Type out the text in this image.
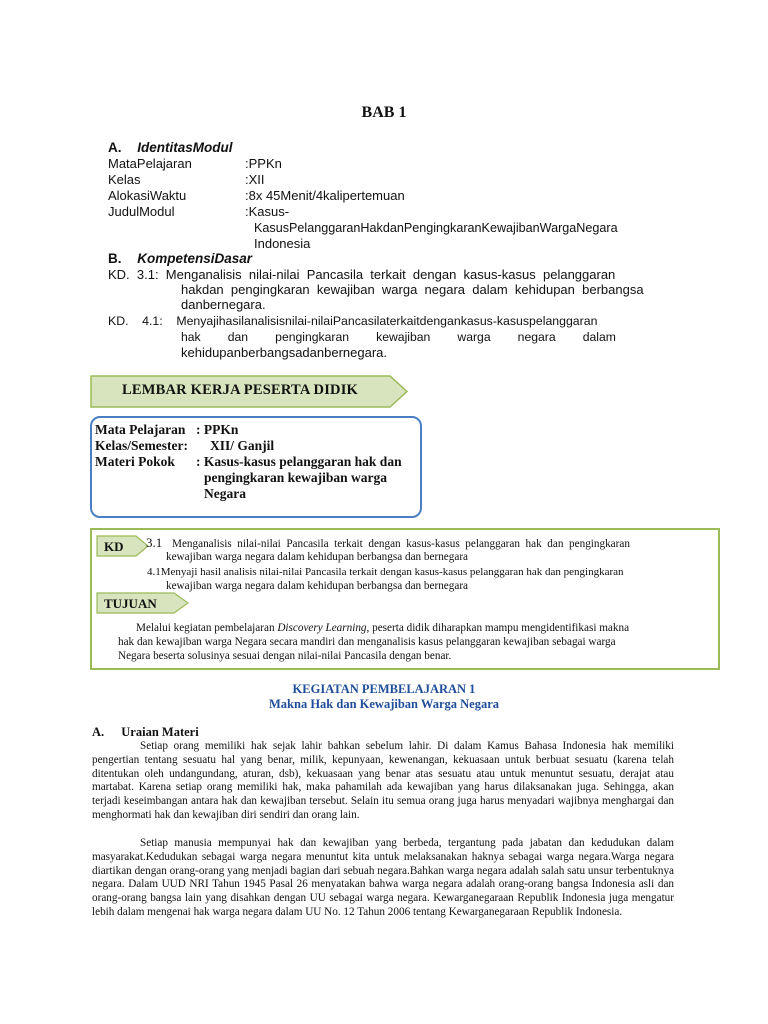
BAB 1
A. IdentitasModul
MataPelajaran	:PPKn
Kelas	:XII
AlokasiWaktu	:8x 45Menit/4kalipertemuan
JudulModul	:Kasus-
KasusPelanggaranHakdanPengingkaranKewajibanWargaNegara
Indonesia
B. KompetensiDasar
KD.  3.1:  Menganalisis  nilai-nilai  Pancasila  terkait  dengan  kasus-kasus  pelanggaran
hakdan  pengingkaran  kewajiban  warga  negara  dalam  kehidupan  berbangsa
danbernegara.
KD.    4.1:    Menyajihasilanalisisnilai-nilaiPancasilaterkaitdengankasus-kasuspelanggaran
hak        dan        pengingkaran        kewajiban        warga        negara        dalam
kehidupanberbangsadanbernegara.
LEMBAR KERJA PESERTA DIDIK
Mata Pelajaran : PPKn
Kelas/Semester: XII/ Ganjil
Materi Pokok : Kasus-kasus pelanggaran hak dan
pengingkaran kewajiban warga
Negara
KD 3.1 Menganalisis  nilai-nilai  Pancasila  terkait  dengan  kasus-kasus  pelanggaran  hak  dan  pengingkaran
kewajiban warga negara dalam kehidupan berbangsa dan bernegara
4.1Menyaji hasil analisis nilai-nilai Pancasila terkait dengan kasus-kasus pelanggaran hak dan pengingkaran
kewajiban warga negara dalam kehidupan berbangsa dan bernegara
TUJUAN
Melalui kegiatan pembelajaran Discovery Learning, peserta didik diharapkan mampu mengidentifikasi makna
hak dan kewajiban warga Negara secara mandiri dan menganalisis kasus pelanggaran kewajiban sebagai warga
Negara beserta solusinya sesuai dengan nilai-nilai Pancasila dengan benar.
KEGIATAN PEMBELAJARAN 1
Makna Hak dan Kewajiban Warga Negara
A. Uraian Materi
Setiap orang memiliki hak sejak lahir bahkan sebelum lahir. Di dalam Kamus Bahasa Indonesia hak memiliki pengertian tentang sesuatu hal yang benar, milik, kepunyaan, kewenangan, kekuasaan untuk berbuat sesuatu (karena telah ditentukan oleh undangundang, aturan, dsb), kekuasaan yang benar atas sesuatu atau untuk menuntut sesuatu, derajat atau martabat. Karena setiap orang memiliki hak, maka pahamilah ada kewajiban yang harus dilaksanakan juga. Sehingga, akan terjadi keseimbangan antara hak dan kewajiban tersebut. Selain itu semua orang juga harus menyadari wajibnya menghargai dan menghormati hak dan kewajiban diri sendiri dan orang lain.
Setiap manusia mempunyai hak dan kewajiban yang berbeda, tergantung pada jabatan dan kedudukan dalam masyarakat.Kedudukan sebagai warga negara menuntut kita untuk melaksanakan haknya sebagai warga negara.Warga negara diartikan dengan orang-orang yang menjadi bagian dari sebuah negara.Bahkan warga negara adalah salah satu unsur terbentuknya negara. Dalam UUD NRI Tahun 1945 Pasal 26 menyatakan bahwa warga negara adalah orang-orang bangsa Indonesia asli dan orang-orang bangsa lain yang disahkan dengan UU sebagai warga negara. Kewarganegaraan Republik Indonesia juga mengatur lebih dalam mengenai hak warga negara dalam UU No. 12 Tahun 2006 tentang Kewarganegaraan Republik Indonesia.
